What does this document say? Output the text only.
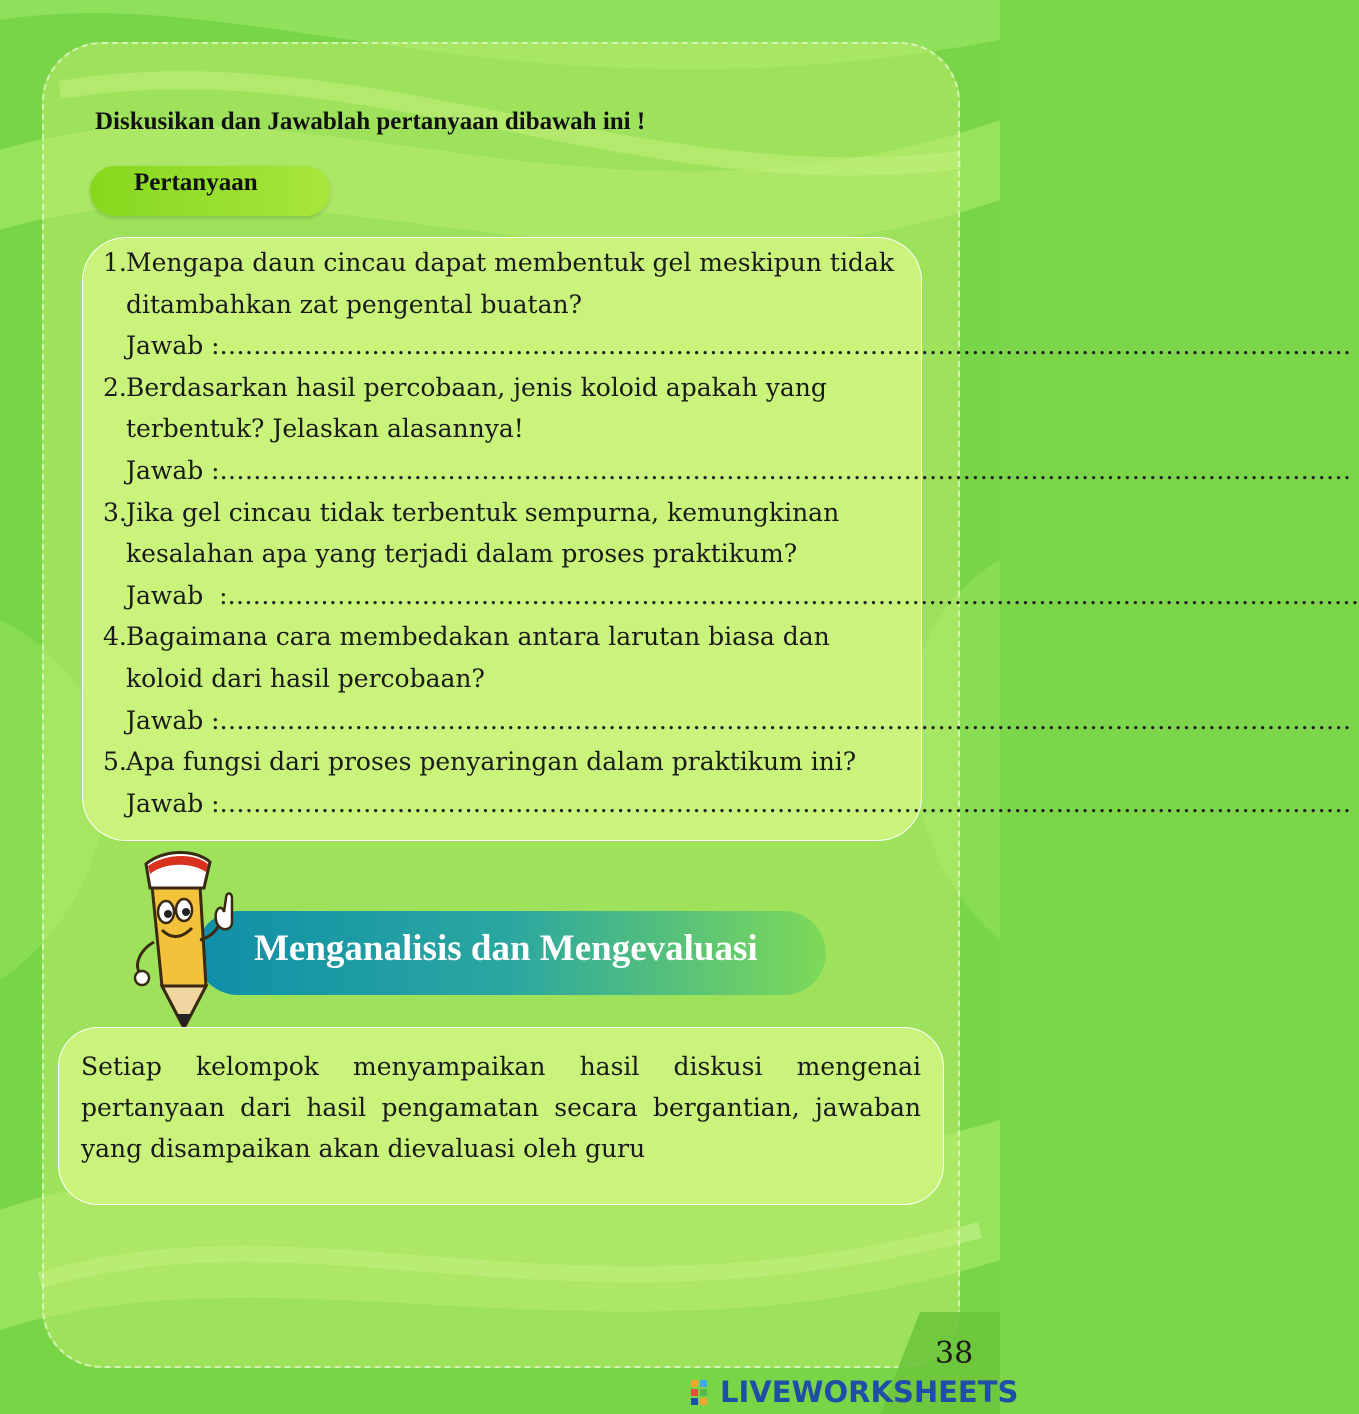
Diskusikan dan Jawablah pertanyaan dibawah ini !
Pertanyaan
1.Mengapa daun cincau dapat membentuk gel meskipun tidak
ditambahkan zat pengental buatan?
Jawab : ......................................................................................................................................
2.Berdasarkan hasil percobaan, jenis koloid apakah yang
terbentuk? Jelaskan alasannya!
Jawab : ......................................................................................................................................
3.Jika gel cincau tidak terbentuk sempurna, kemungkinan
kesalahan apa yang terjadi dalam proses praktikum?
Jawab  : ......................................................................................................................................
4.Bagaimana cara membedakan antara larutan biasa dan
koloid dari hasil percobaan?
Jawab : ......................................................................................................................................
5.Apa fungsi dari proses penyaringan dalam praktikum ini?
Jawab : ......................................................................................................................................
Menganalisis dan Mengevaluasi
Setiap kelompok menyampaikan hasil diskusi mengenai pertanyaan dari hasil pengamatan secara bergantian, jawaban yang disampaikan akan dievaluasi oleh guru
38
LIVEWORKSHEETS
